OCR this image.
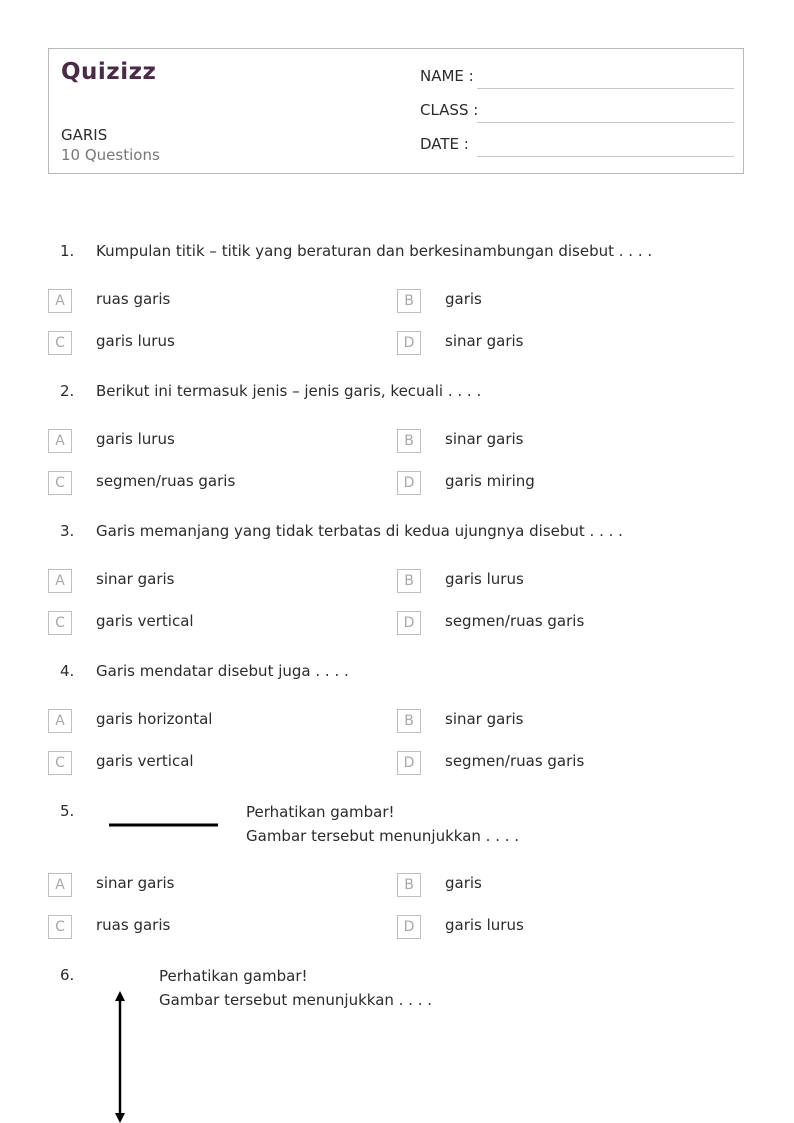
Quizizz
GARIS
10 Questions
NAME :
CLASS :
DATE :
1. Kumpulan titik – titik yang beraturan dan berkesinambungan disebut . . . .
A	ruas garis	B	garis
C	garis lurus	D	sinar garis
2. Berikut ini termasuk jenis – jenis garis, kecuali . . . .
A	garis lurus	B	sinar garis
C	segmen/ruas garis	D	garis miring
3. Garis memanjang yang tidak terbatas di kedua ujungnya disebut . . . .
A	sinar garis	B	garis lurus
C	garis vertical	D	segmen/ruas garis
4. Garis mendatar disebut juga . . . .
A	garis horizontal	B	sinar garis
C	garis vertical	D	segmen/ruas garis
5.	Perhatikan gambar!
Gambar tersebut menunjukkan . . . .
A	sinar garis	B	garis
C	ruas garis	D	garis lurus
6.	Perhatikan gambar!
Gambar tersebut menunjukkan . . . .
